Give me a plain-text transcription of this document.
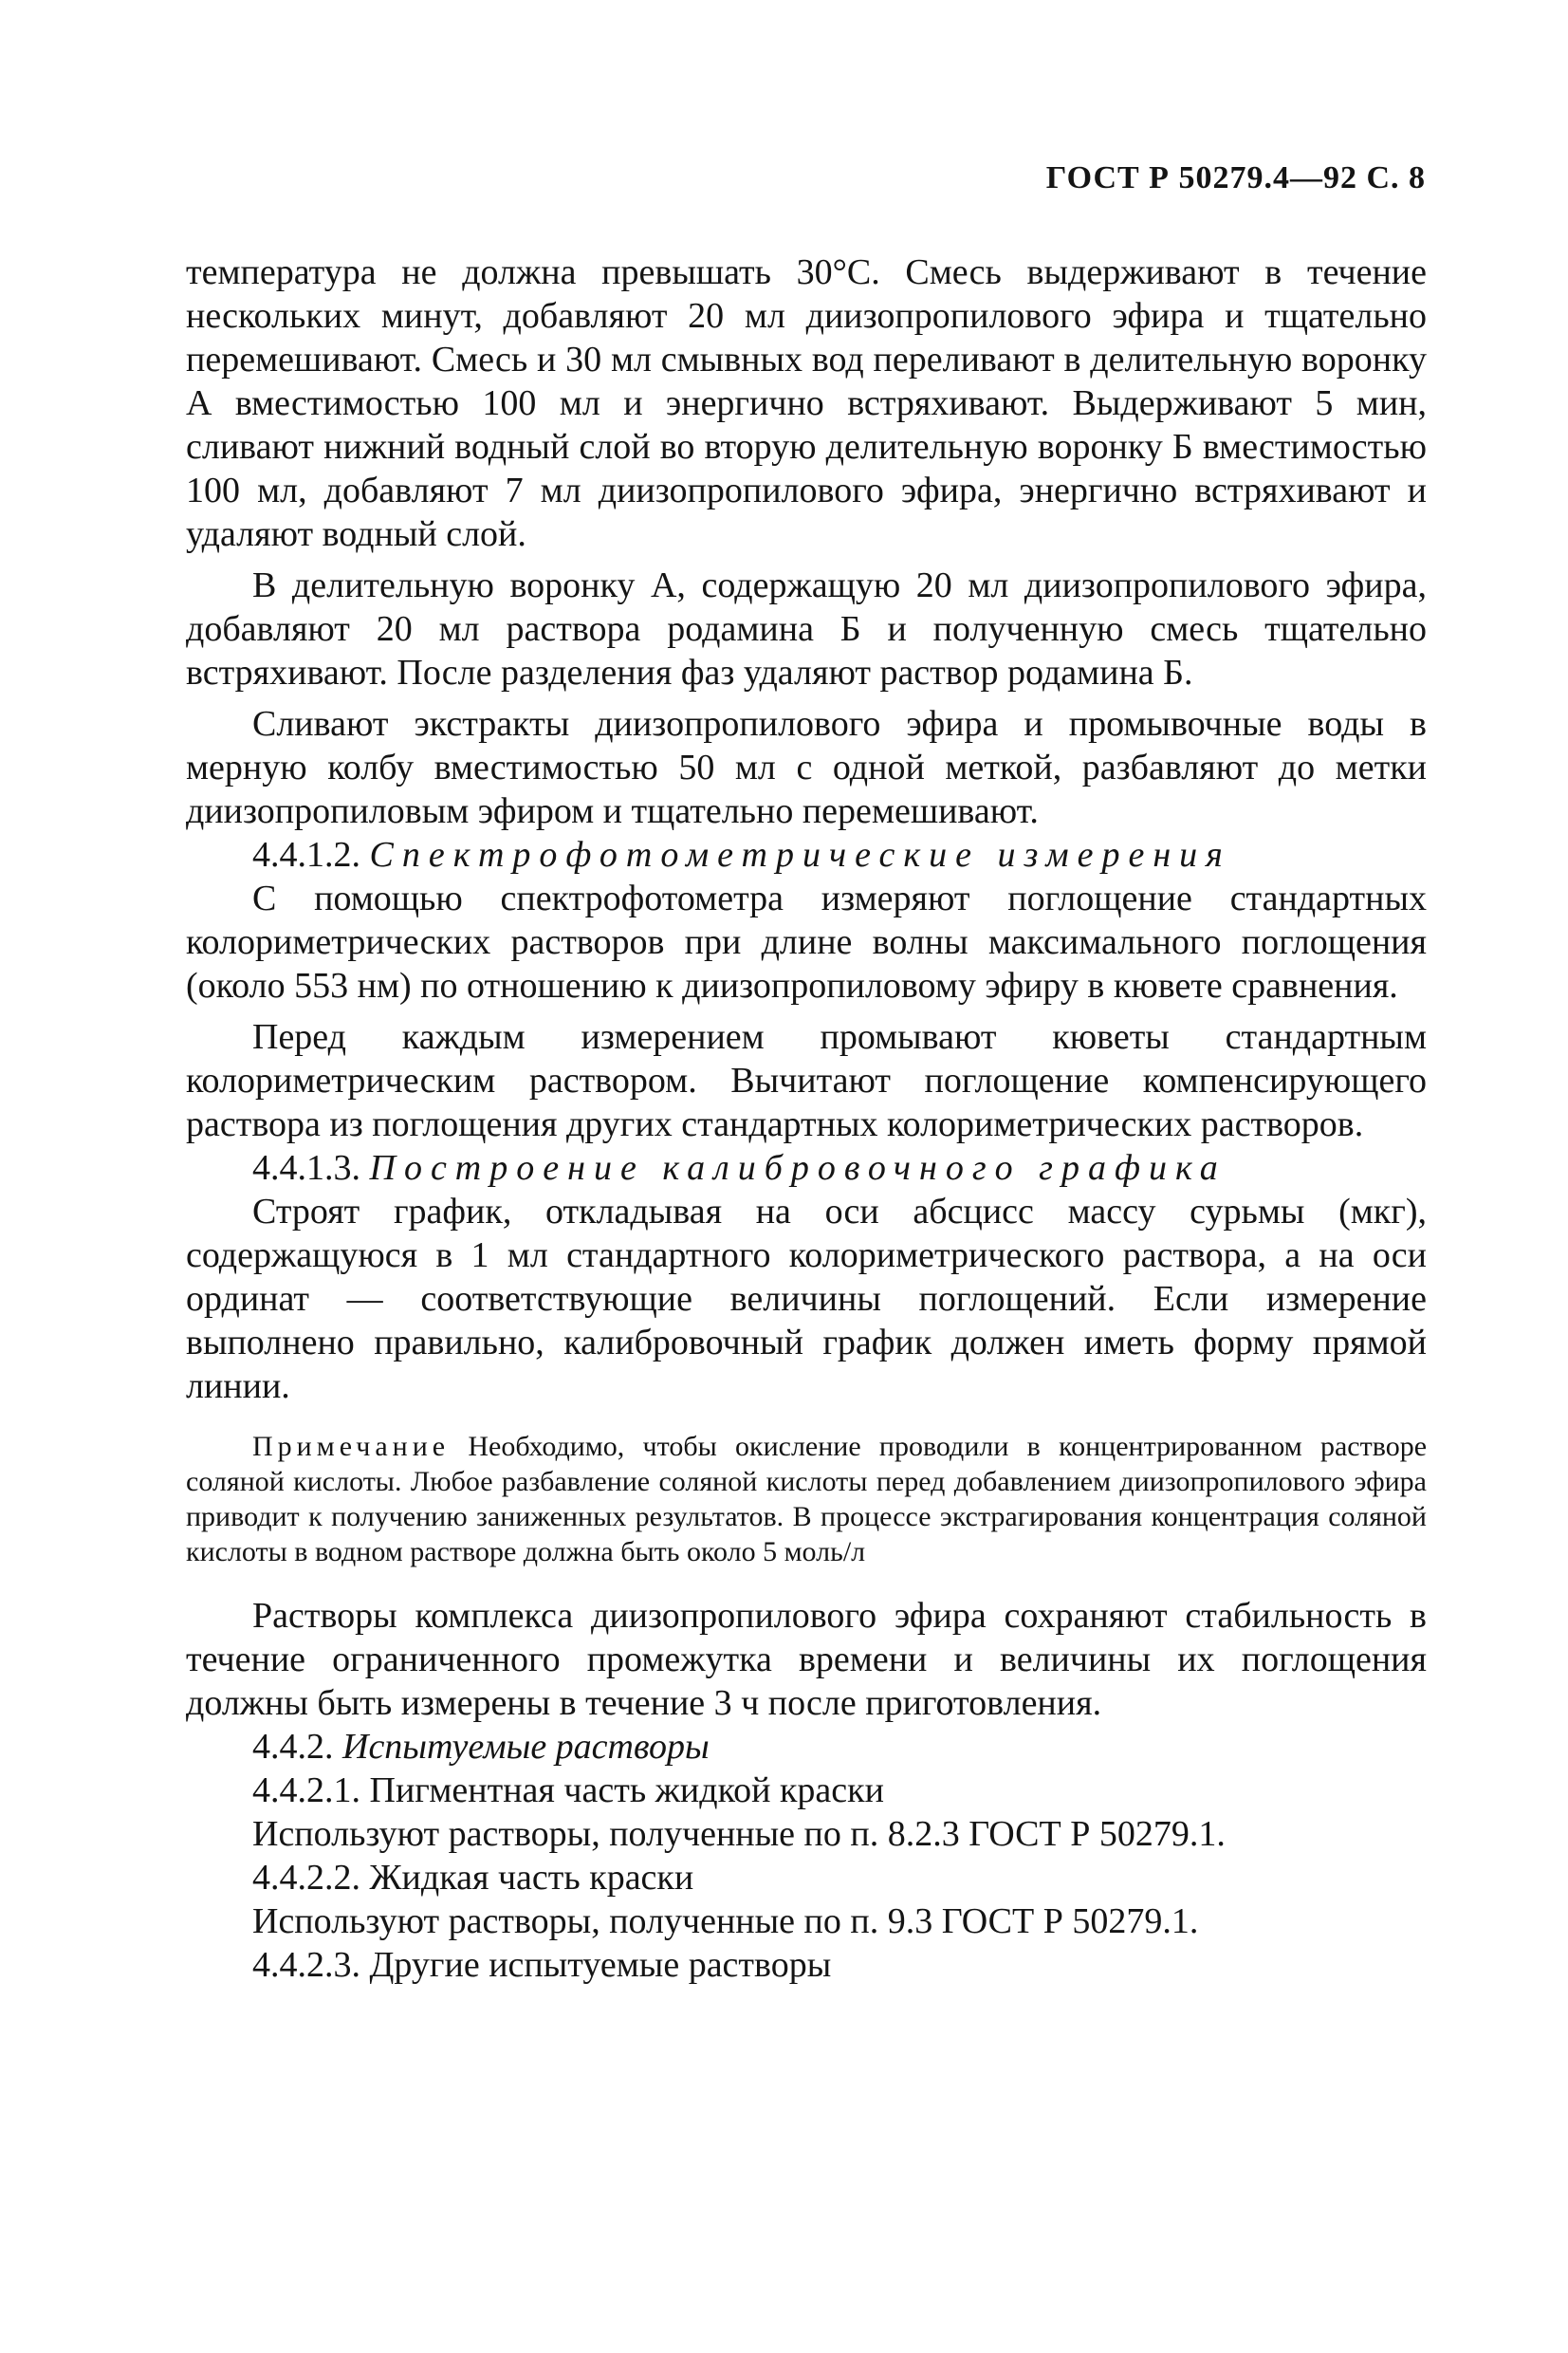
ГОСТ Р 50279.4—92 С. 8

температура не должна превышать 30°С. Смесь выдерживают в течение нескольких минут, добавляют 20 мл диизопропилового эфира и тщательно перемешивают. Смесь и 30 мл смывных вод переливают в делительную воронку А вместимостью 100 мл и энергично встряхивают. Выдерживают 5 мин, сливают нижний водный слой во вторую делительную воронку Б вместимостью 100 мл, добавляют 7 мл диизопропилового эфира, энергично встряхивают и удаляют водный слой.

В делительную воронку А, содержащую 20 мл диизопропилового эфира, добавляют 20 мл раствора родамина Б и полученную смесь тщательно встряхивают. После разделения фаз удаляют раствор родамина Б.

Сливают экстракты диизопропилового эфира и промывочные воды в мерную колбу вместимостью 50 мл с одной меткой, разбавляют до метки диизопропиловым эфиром и тщательно перемешивают.

4.4.1.2. Спектрофотометрические измерения

С помощью спектрофотометра измеряют поглощение стандартных колориметрических растворов при длине волны максимального поглощения (около 553 нм) по отношению к диизопропиловому эфиру в кювете сравнения.

Перед каждым измерением промывают кюветы стандартным колориметрическим раствором. Вычитают поглощение компенсирующего раствора из поглощения других стандартных колориметрических растворов.

4.4.1.3. Построение калибровочного графика

Строят график, откладывая на оси абсцисс массу сурьмы (мкг), содержащуюся в 1 мл стандартного колориметрического раствора, а на оси ординат — соответствующие величины поглощений. Если измерение выполнено правильно, калибровочный график должен иметь форму прямой линии.

Примечание Необходимо, чтобы окисление проводили в концентрированном растворе соляной кислоты. Любое разбавление соляной кислоты перед добавлением диизопропилового эфира приводит к получению заниженных результатов. В процессе экстрагирования концентрация соляной кислоты в водном растворе должна быть около 5 моль/л

Растворы комплекса диизопропилового эфира сохраняют стабильность в течение ограниченного промежутка времени и величины их поглощения должны быть измерены в течение 3 ч после приготовления.

4.4.2. Испытуемые растворы

4.4.2.1. Пигментная часть жидкой краски

Используют растворы, полученные по п. 8.2.3 ГОСТ Р 50279.1.

4.4.2.2. Жидкая часть краски

Используют растворы, полученные по п. 9.3 ГОСТ Р 50279.1.

4.4.2.3. Другие испытуемые растворы
